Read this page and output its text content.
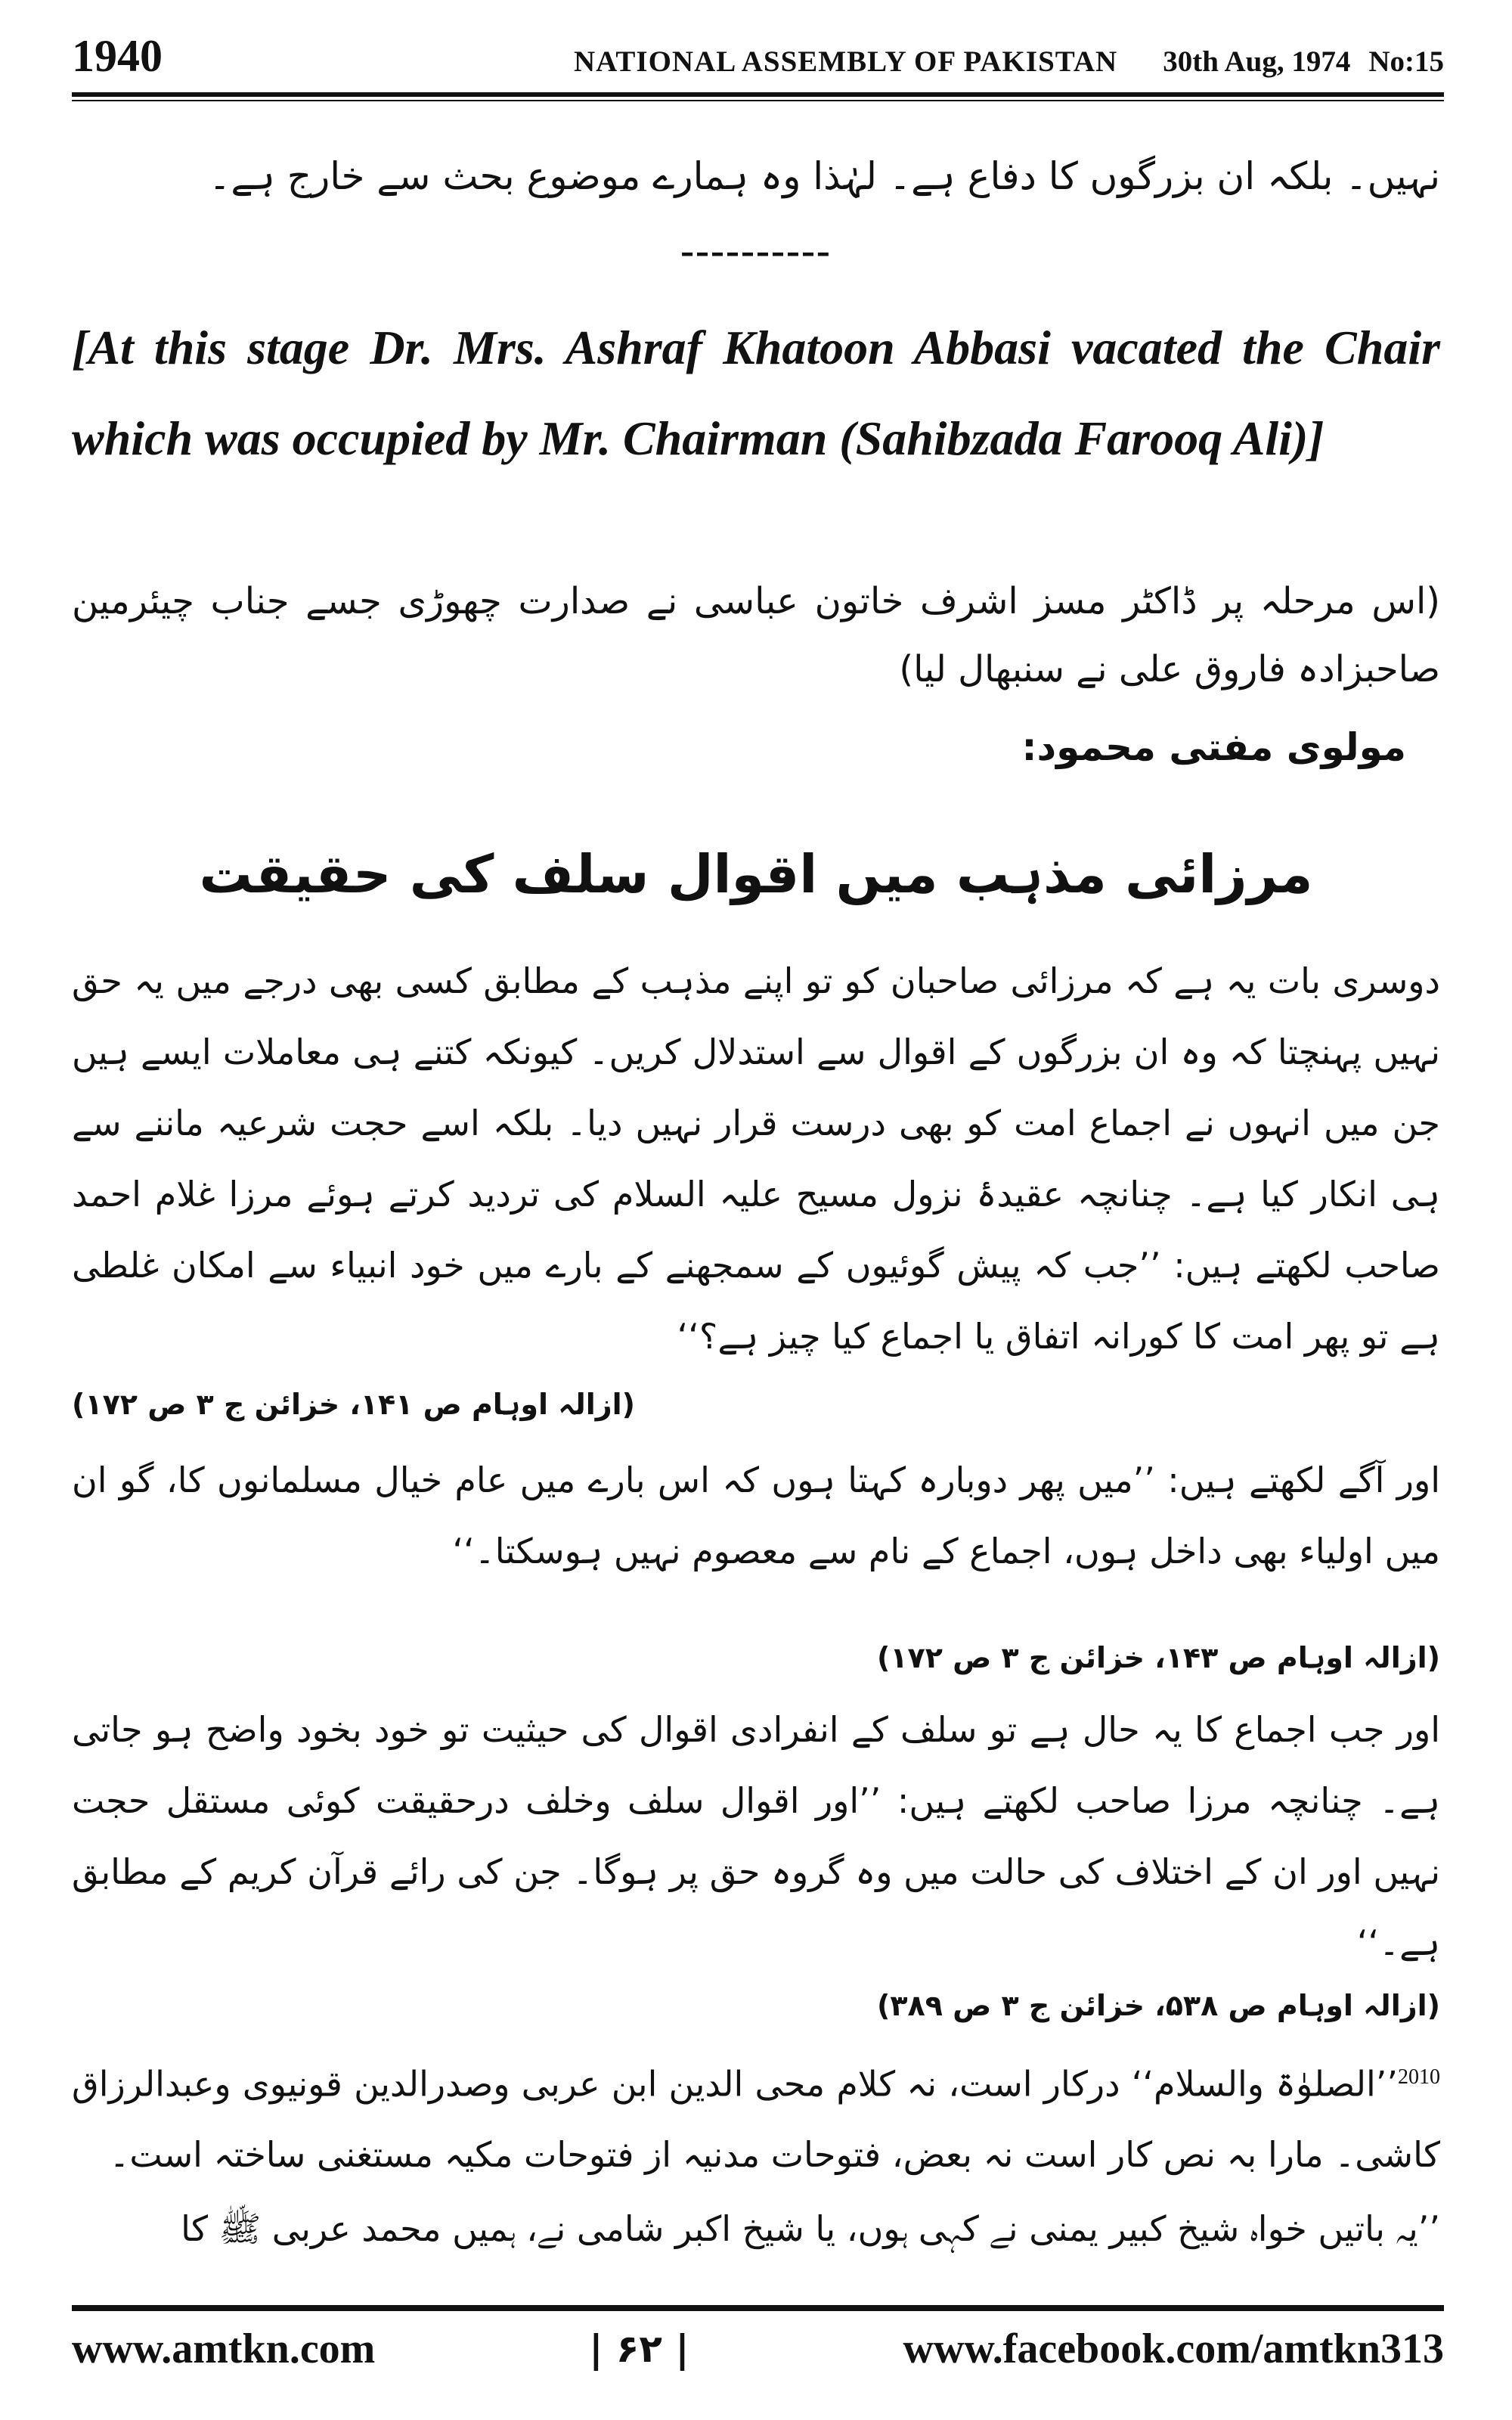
1940	NATIONAL ASSEMBLY OF PAKISTAN 30th Aug, 1974 No:15
نہیں۔ بلکہ ان بزرگوں کا دفاع ہے۔ لہٰذا وہ ہمارے موضوع بحث سے خارج ہے۔
----------
[At this stage Dr. Mrs. Ashraf Khatoon Abbasi vacated the Chair which was occupied by Mr. Chairman (Sahibzada Farooq Ali)]
(اس مرحلہ پر ڈاکٹر مسز اشرف خاتون عباسی نے صدارت چھوڑی جسے جناب چیئرمین صاحبزادہ فاروق علی نے سنبھال لیا)
مولوی مفتی محمود:
مرزائی مذہب میں اقوال سلف کی حقیقت
دوسری بات یہ ہے کہ مرزائی صاحبان کو تو اپنے مذہب کے مطابق کسی بھی درجے میں یہ حق نہیں پہنچتا کہ وہ ان بزرگوں کے اقوال سے استدلال کریں۔ کیونکہ کتنے ہی معاملات ایسے ہیں جن میں انہوں نے اجماع امت کو بھی درست قرار نہیں دیا۔ بلکہ اسے حجت شرعیہ ماننے سے ہی انکار کیا ہے۔ چنانچہ عقیدۂ نزول مسیح علیہ السلام کی تردید کرتے ہوئے مرزا غلام احمد صاحب لکھتے ہیں: ’’جب کہ پیش گوئیوں کے سمجھنے کے بارے میں خود انبیاء سے امکان غلطی ہے تو پھر امت کا کورانہ اتفاق یا اجماع کیا چیز ہے؟‘‘
(ازالہ اوہام ص ۱۴۱، خزائن ج ۳ ص ۱۷۲)
اور آگے لکھتے ہیں: ’’میں پھر دوبارہ کہتا ہوں کہ اس بارے میں عام خیال مسلمانوں کا، گو ان میں اولیاء بھی داخل ہوں، اجماع کے نام سے معصوم نہیں ہوسکتا۔‘‘
(ازالہ اوہام ص ۱۴۳، خزائن ج ۳ ص ۱۷۲)
اور جب اجماع کا یہ حال ہے تو سلف کے انفرادی اقوال کی حیثیت تو خود بخود واضح ہو جاتی ہے۔ چنانچہ مرزا صاحب لکھتے ہیں: ’’اور اقوال سلف وخلف درحقیقت کوئی مستقل حجت نہیں اور ان کے اختلاف کی حالت میں وہ گروہ حق پر ہوگا۔ جن کی رائے قرآن کریم کے مطابق ہے۔‘‘
(ازالہ اوہام ص ۵۳۸، خزائن ج ۳ ص ۳۸۹)
$^{2010}$’’الصلوٰۃ والسلام‘‘ درکار است، نہ کلام محی الدین ابن عربی وصدرالدین قونیوی وعبدالرزاق کاشی۔ مارا بہ نص کار است نہ بعض، فتوحات مدنیہ از فتوحات مکیہ مستغنی ساختہ است۔
’’یہ باتیں خواہ شیخ کبیر یمنی نے کہی ہوں، یا شیخ اکبر شامی نے، ہمیں محمد عربی ﷺ کا
www.amtkn.com	| ۶۲ |	www.facebook.com/amtkn313
